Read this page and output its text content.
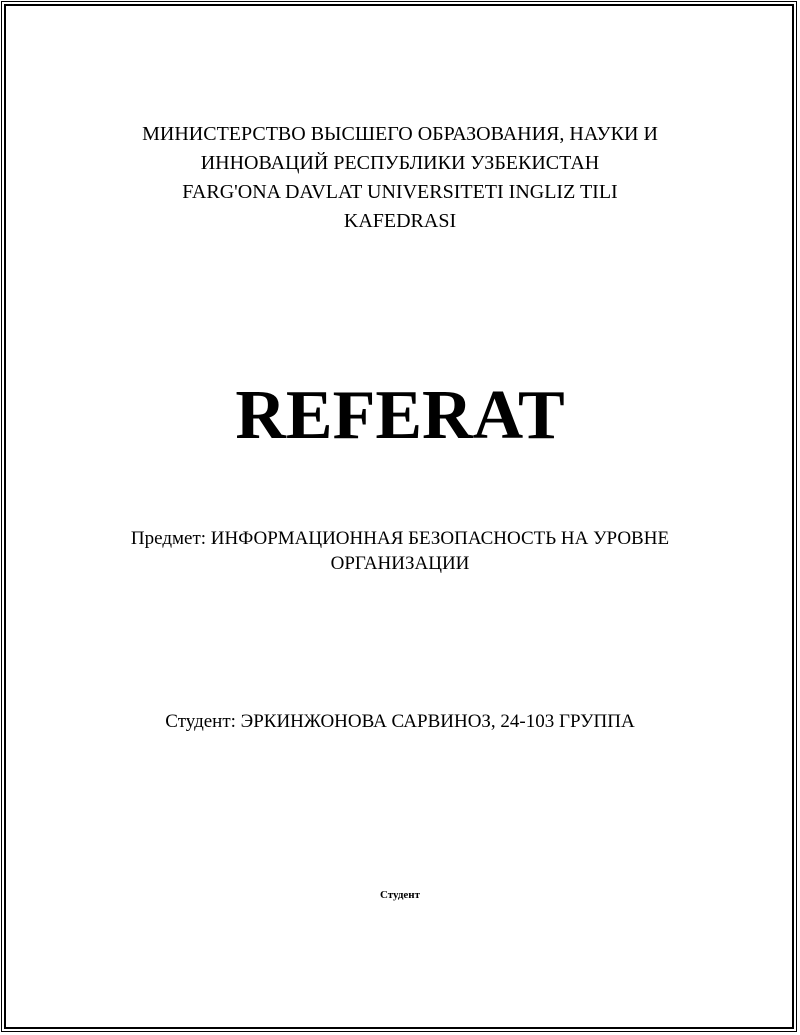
МИНИСТЕРСТВО ВЫСШЕГО ОБРАЗОВАНИЯ, НАУКИ И
ИННОВАЦИЙ РЕСПУБЛИКИ УЗБЕКИСТАН
FARG'ONA DAVLAT UNIVERSITETI INGLIZ TILI
KAFEDRASI
REFERAT
Предмет: ИНФОРМАЦИОННАЯ БЕЗОПАСНОСТЬ НА УРОВНЕ
ОРГАНИЗАЦИИ
Студент: ЭРКИНЖОНОВА САРВИНОЗ, 24-103 ГРУППА
Студент
